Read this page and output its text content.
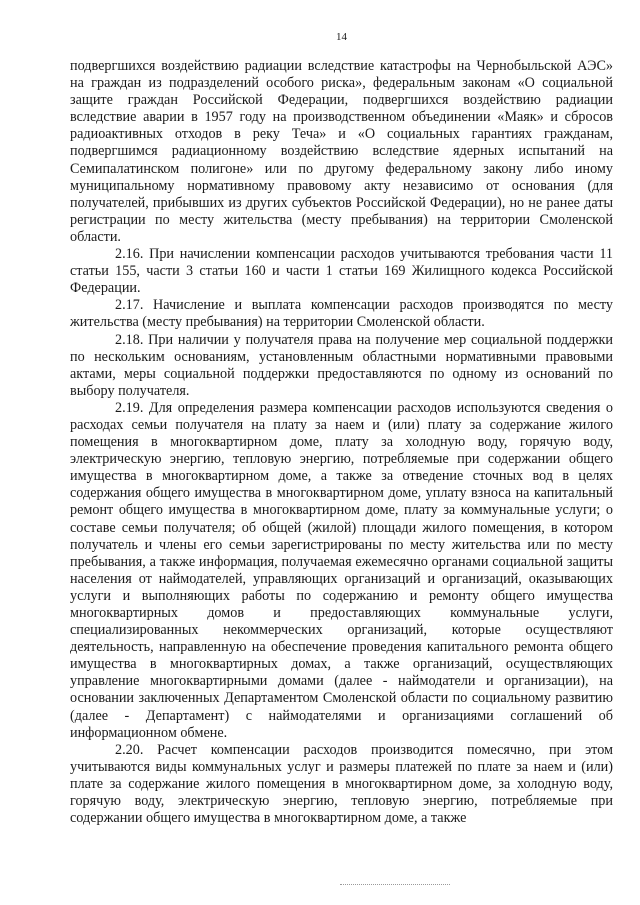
14

подвергшихся воздействию радиации вследствие катастрофы на Чернобыльской АЭС» на граждан из подразделений особого риска», федеральным законам «О социальной защите граждан Российской Федерации, подвергшихся воздействию радиации вследствие аварии в 1957 году на производственном объединении «Маяк» и сбросов радиоактивных отходов в реку Теча» и «О социальных гарантиях гражданам, подвергшимся радиационному воздействию вследствие ядерных испытаний на Семипалатинском полигоне» или по другому федеральному закону либо иному муниципальному нормативному правовому акту независимо от основания (для получателей, прибывших из других субъектов Российской Федерации), но не ранее даты регистрации по месту жительства (месту пребывания) на территории Смоленской области.

2.16. При начислении компенсации расходов учитываются требования части 11 статьи 155, части 3 статьи 160 и части 1 статьи 169 Жилищного кодекса Российской Федерации.

2.17. Начисление и выплата компенсации расходов производятся по месту жительства (месту пребывания) на территории Смоленской области.

2.18. При наличии у получателя права на получение мер социальной поддержки по нескольким основаниям, установленным областными нормативными правовыми актами, меры социальной поддержки предоставляются по одному из оснований по выбору получателя.

2.19. Для определения размера компенсации расходов используются сведения о расходах семьи получателя на плату за наем и (или) плату за содержание жилого помещения в многоквартирном доме, плату за холодную воду, горячую воду, электрическую энергию, тепловую энергию, потребляемые при содержании общего имущества в многоквартирном доме, а также за отведение сточных вод в целях содержания общего имущества в многоквартирном доме, уплату взноса на капитальный ремонт общего имущества в многоквартирном доме, плату за коммунальные услуги; о составе семьи получателя; об общей (жилой) площади жилого помещения, в котором получатель и члены его семьи зарегистрированы по месту жительства или по месту пребывания, а также информация, получаемая ежемесячно органами социальной защиты населения от наймодателей, управляющих организаций и организаций, оказывающих услуги и выполняющих работы по содержанию и ремонту общего имущества многоквартирных домов и предоставляющих коммунальные услуги, специализированных некоммерческих организаций, которые осуществляют деятельность, направленную на обеспечение проведения капитального ремонта общего имущества в многоквартирных домах, а также организаций, осуществляющих управление многоквартирными домами (далее - наймодатели и организации), на основании заключенных Департаментом Смоленской области по социальному развитию (далее - Департамент) с наймодателями и организациями соглашений об информационном обмене.

2.20. Расчет компенсации расходов производится помесячно, при этом учитываются виды коммунальных услуг и размеры платежей по плате за наем и (или) плате за содержание жилого помещения в многоквартирном доме, за холодную воду, горячую воду, электрическую энергию, тепловую энергию, потребляемые при содержании общего имущества в многоквартирном доме, а также
